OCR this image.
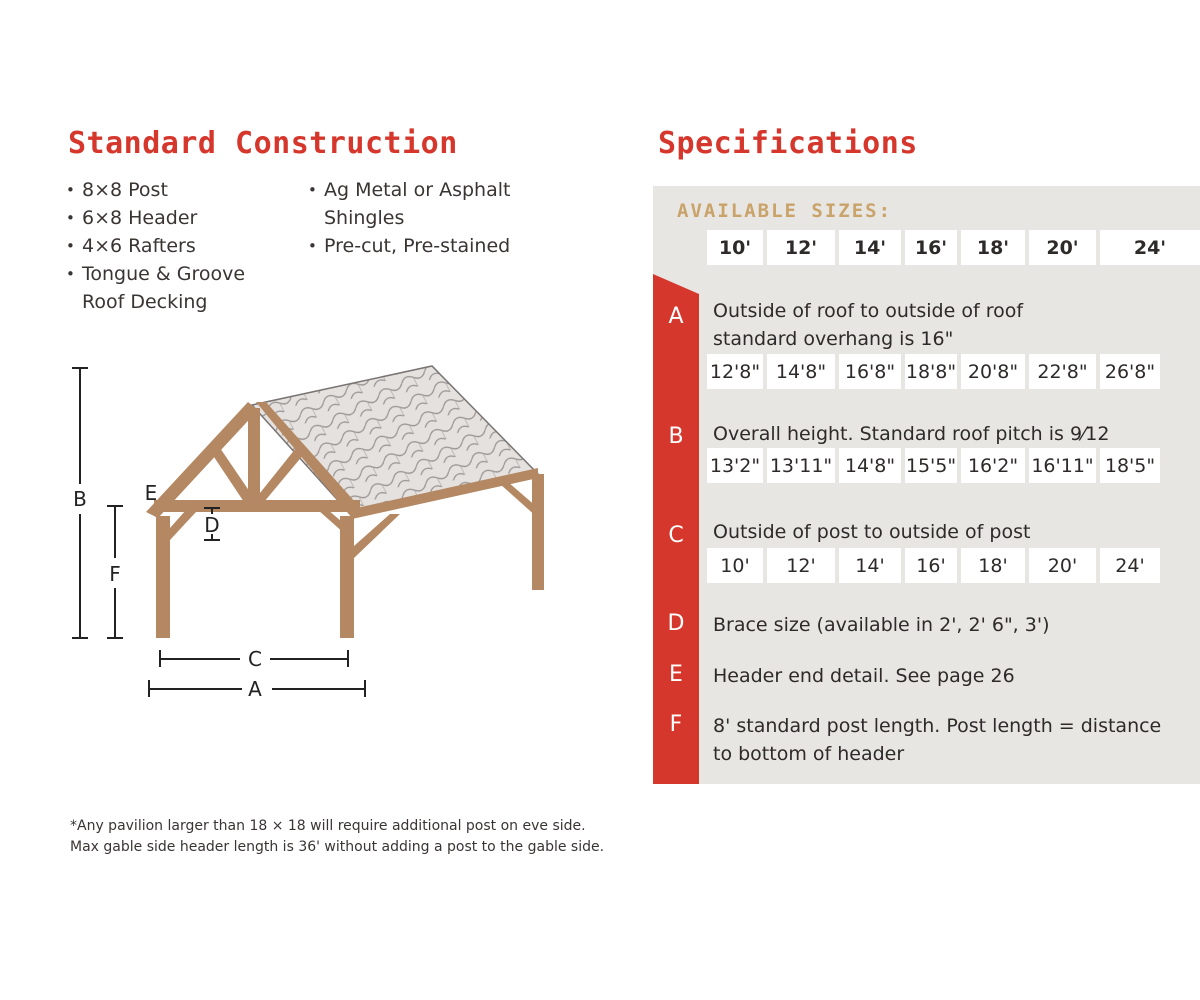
Standard Construction
• 8×8 Post
• 6×8 Header
• 4×6 Rafters
• Tongue & Groove Roof Decking
• Ag Metal or Asphalt Shingles
• Pre-cut, Pre-stained
B
F
E
D
C
A
*Any pavilion larger than 18 × 18 will require additional post on eve side.
Max gable side header length is 36' without adding a post to the gable side.
Specifications
AVAILABLE SIZES:
10'	12'	14'	16'	18'	20'	24'
A	Outside of roof to outside of roof
standard overhang is 16"
12'8" 14'8" 16'8" 18'8" 20'8"	22'8" 26'8"
B	Overall height. Standard roof pitch is 9⁄12
13'2" 13'11" 14'8" 15'5" 16'2" 16'11" 18'5"
C	Outside of post to outside of post
10'	12'	14'	16'	18'	20'	24'
D	Brace size (available in 2', 2' 6", 3')
E	Header end detail. See page 26
F	8' standard post length. Post length = distance
to bottom of header
